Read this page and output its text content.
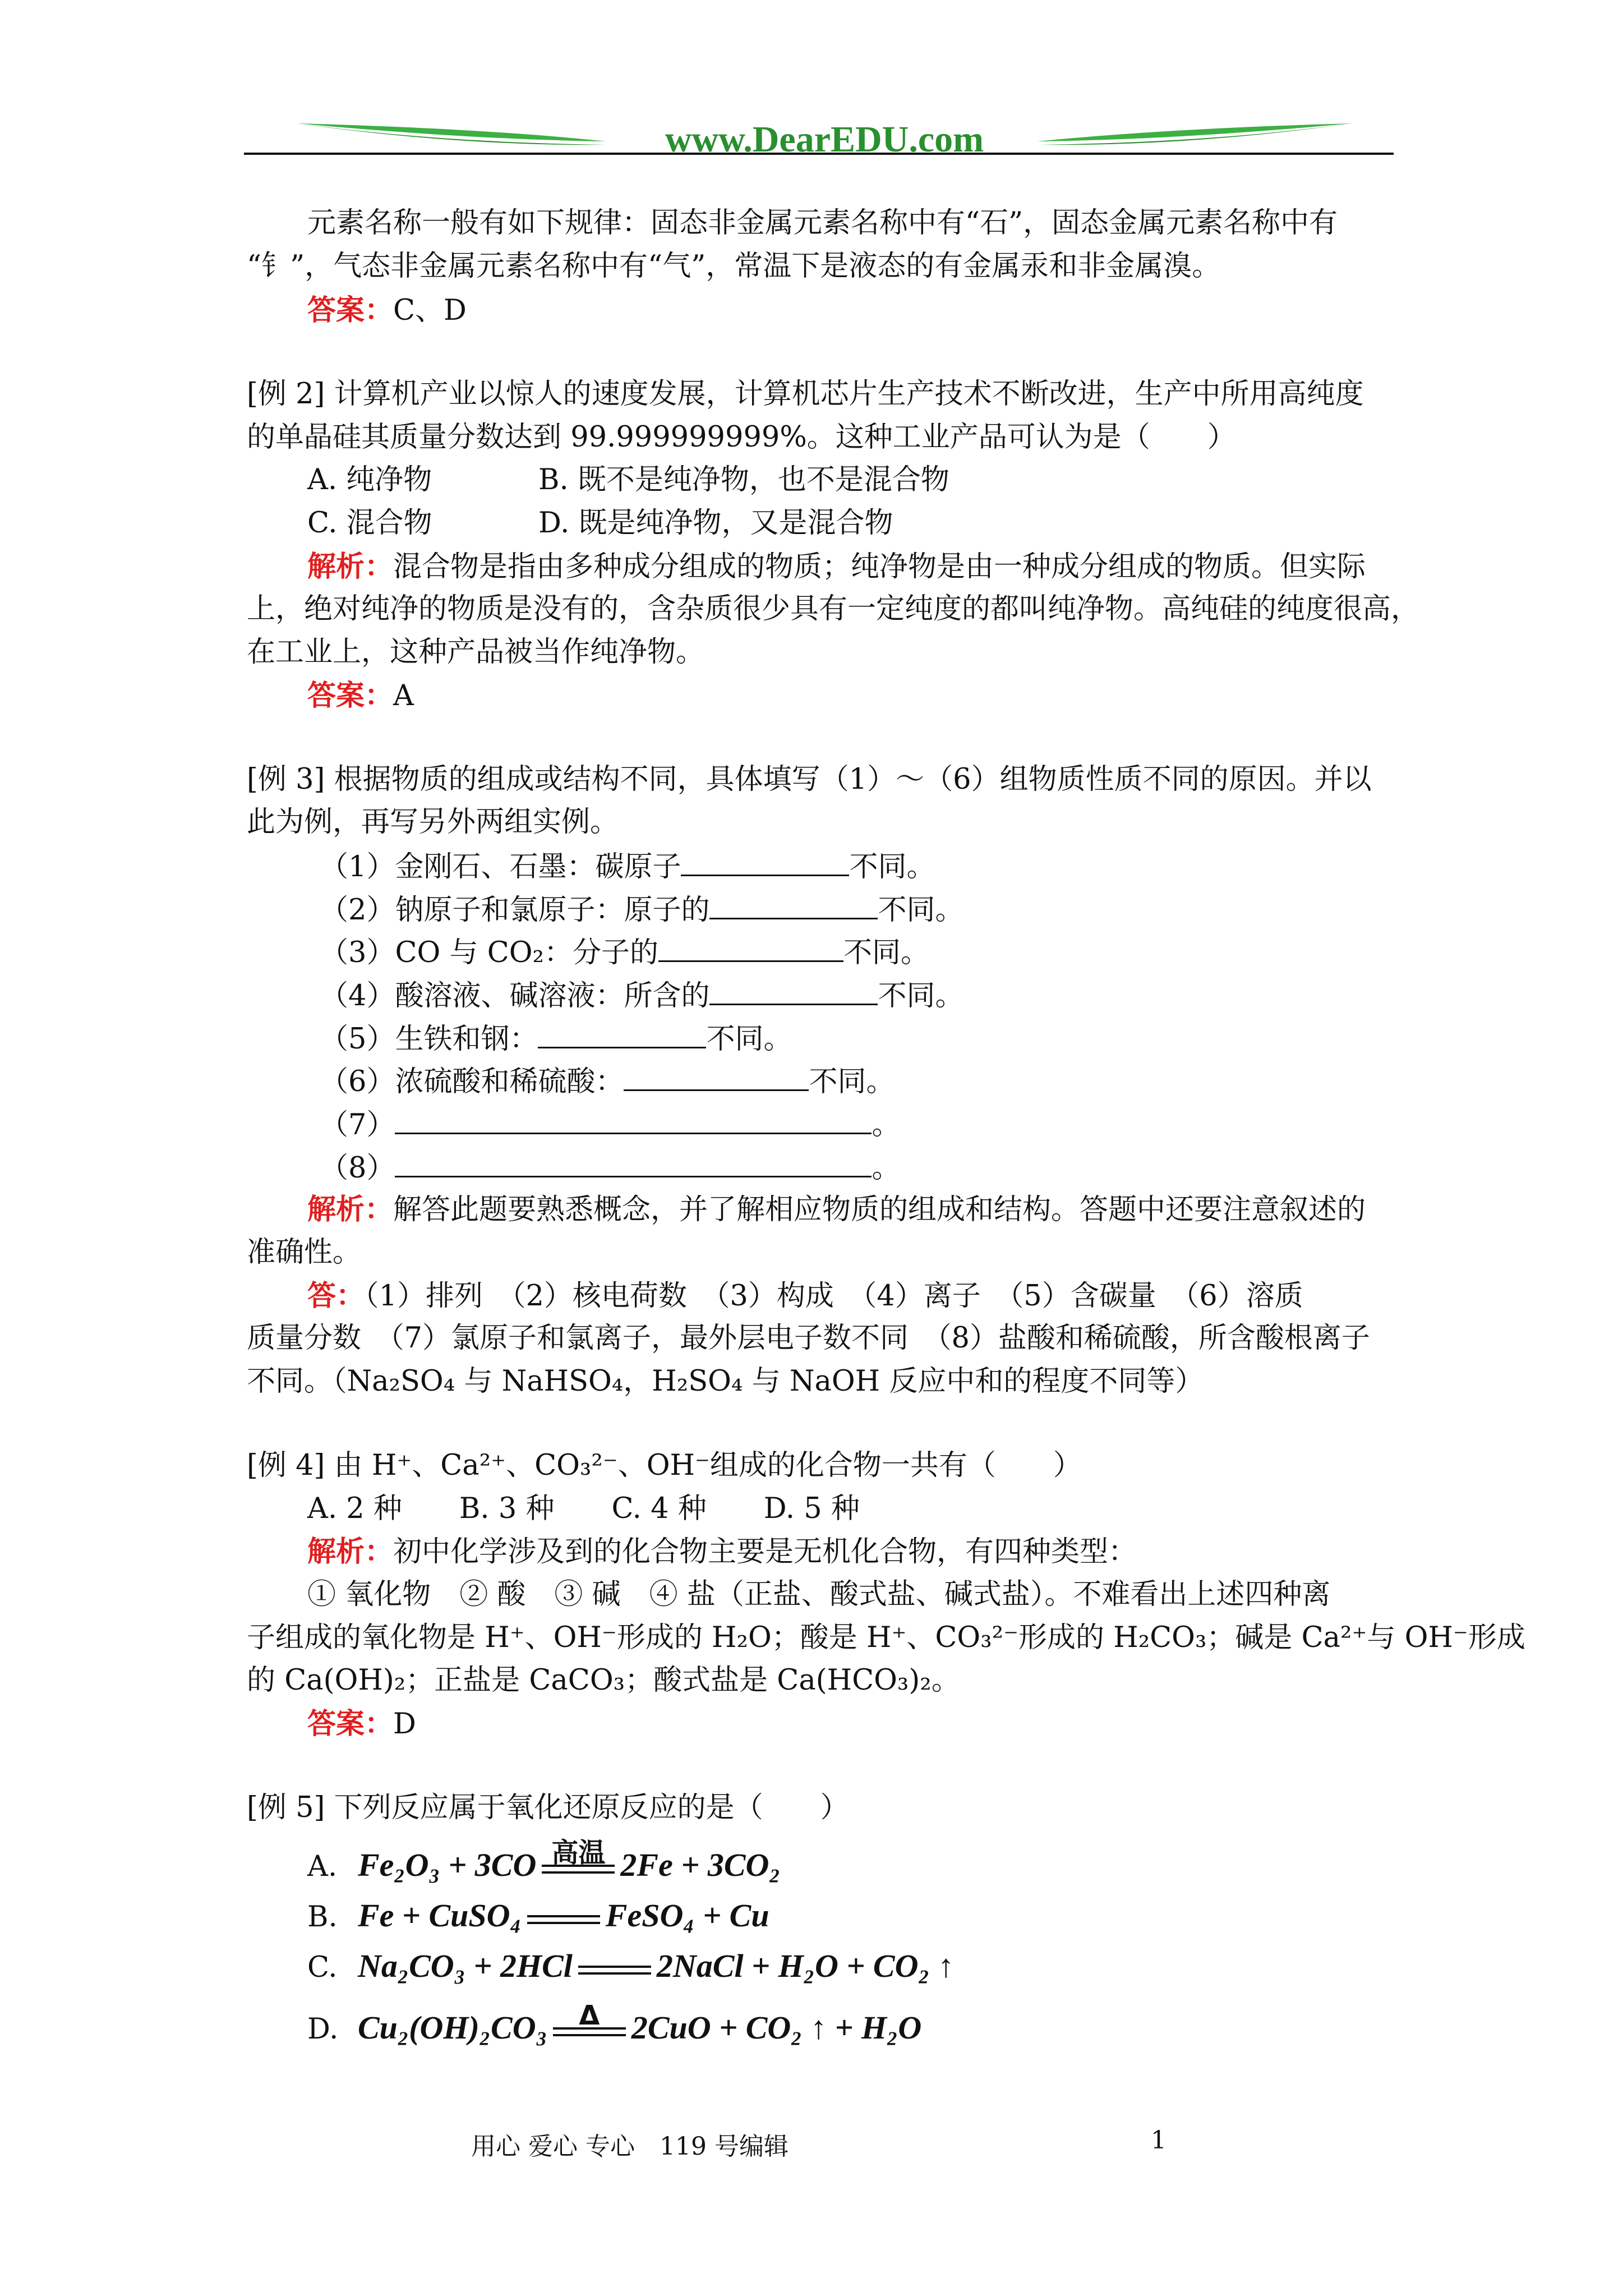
www.DearEDU.com
元素名称一般有如下规律：固态非金属元素名称中有“石”，固态金属元素名称中有
“钅”，气态非金属元素名称中有“气”，常温下是液态的有金属汞和非金属溴。
答案：C、D
[例 2] 计算机产业以惊人的速度发展，计算机芯片生产技术不断改进，生产中所用高纯度
的单晶硅其质量分数达到 99.999999999%。这种工业产品可认为是（　　）
A. 纯净物	B. 既不是纯净物，也不是混合物
C. 混合物	D. 既是纯净物，又是混合物
解析：混合物是指由多种成分组成的物质；纯净物是由一种成分组成的物质。但实际
上，绝对纯净的物质是没有的，含杂质很少具有一定纯度的都叫纯净物。高纯硅的纯度很高，
在工业上，这种产品被当作纯净物。
答案：A
[例 3] 根据物质的组成或结构不同，具体填写（1）～（6）组物质性质不同的原因。并以
此为例，再写另外两组实例。
（1）金刚石、石墨：碳原子	不同。
（2）钠原子和氯原子：原子的	不同。
（3）CO 与 CO₂：分子的	不同。
（4）酸溶液、碱溶液：所含的	不同。
（5）生铁和钢：	不同。
（6）浓硫酸和稀硫酸：	不同。
（7）	。
（8）	。
解析：解答此题要熟悉概念，并了解相应物质的组成和结构。答题中还要注意叙述的
准确性。
答：（1）排列　（2）核电荷数　（3）构成　（4）离子　（5）含碳量　（6）溶质
质量分数　（7）氯原子和氯离子，最外层电子数不同　（8）盐酸和稀硫酸，所含酸根离子
不同。（Na₂SO₄ 与 NaHSO₄，H₂SO₄ 与 NaOH 反应中和的程度不同等）
[例 4] 由 H⁺、Ca²⁺、CO₃²⁻、OH⁻组成的化合物一共有（　　）
A. 2 种　　B. 3 种　　C. 4 种　　D. 5 种
解析：初中化学涉及到的化合物主要是无机化合物，有四种类型：
① 氧化物　② 酸　③ 碱　④ 盐（正盐、酸式盐、碱式盐）。不难看出上述四种离
子组成的氧化物是 H⁺、OH⁻形成的 H₂O；酸是 H⁺、CO₃²⁻形成的 H₂CO₃；碱是 Ca²⁺与 OH⁻形成
的 Ca(OH)₂；正盐是 CaCO₃；酸式盐是 Ca(HCO₃)₂。
答案：D
[例 5] 下列反应属于氧化还原反应的是（　　）
A. Fe₂O₃ + 3CO 高温 2Fe + 3CO₂
B. Fe + CuSO₄	FeSO₄ + Cu
C. Na₂CO₃ + 2HCl	2NaCl + H₂O + CO₂ ↑
D. Cu₂(OH)₂CO₃	Δ 2CuO + CO₂ ↑ + H₂O
用心 爱心 专心　119 号编辑	1
